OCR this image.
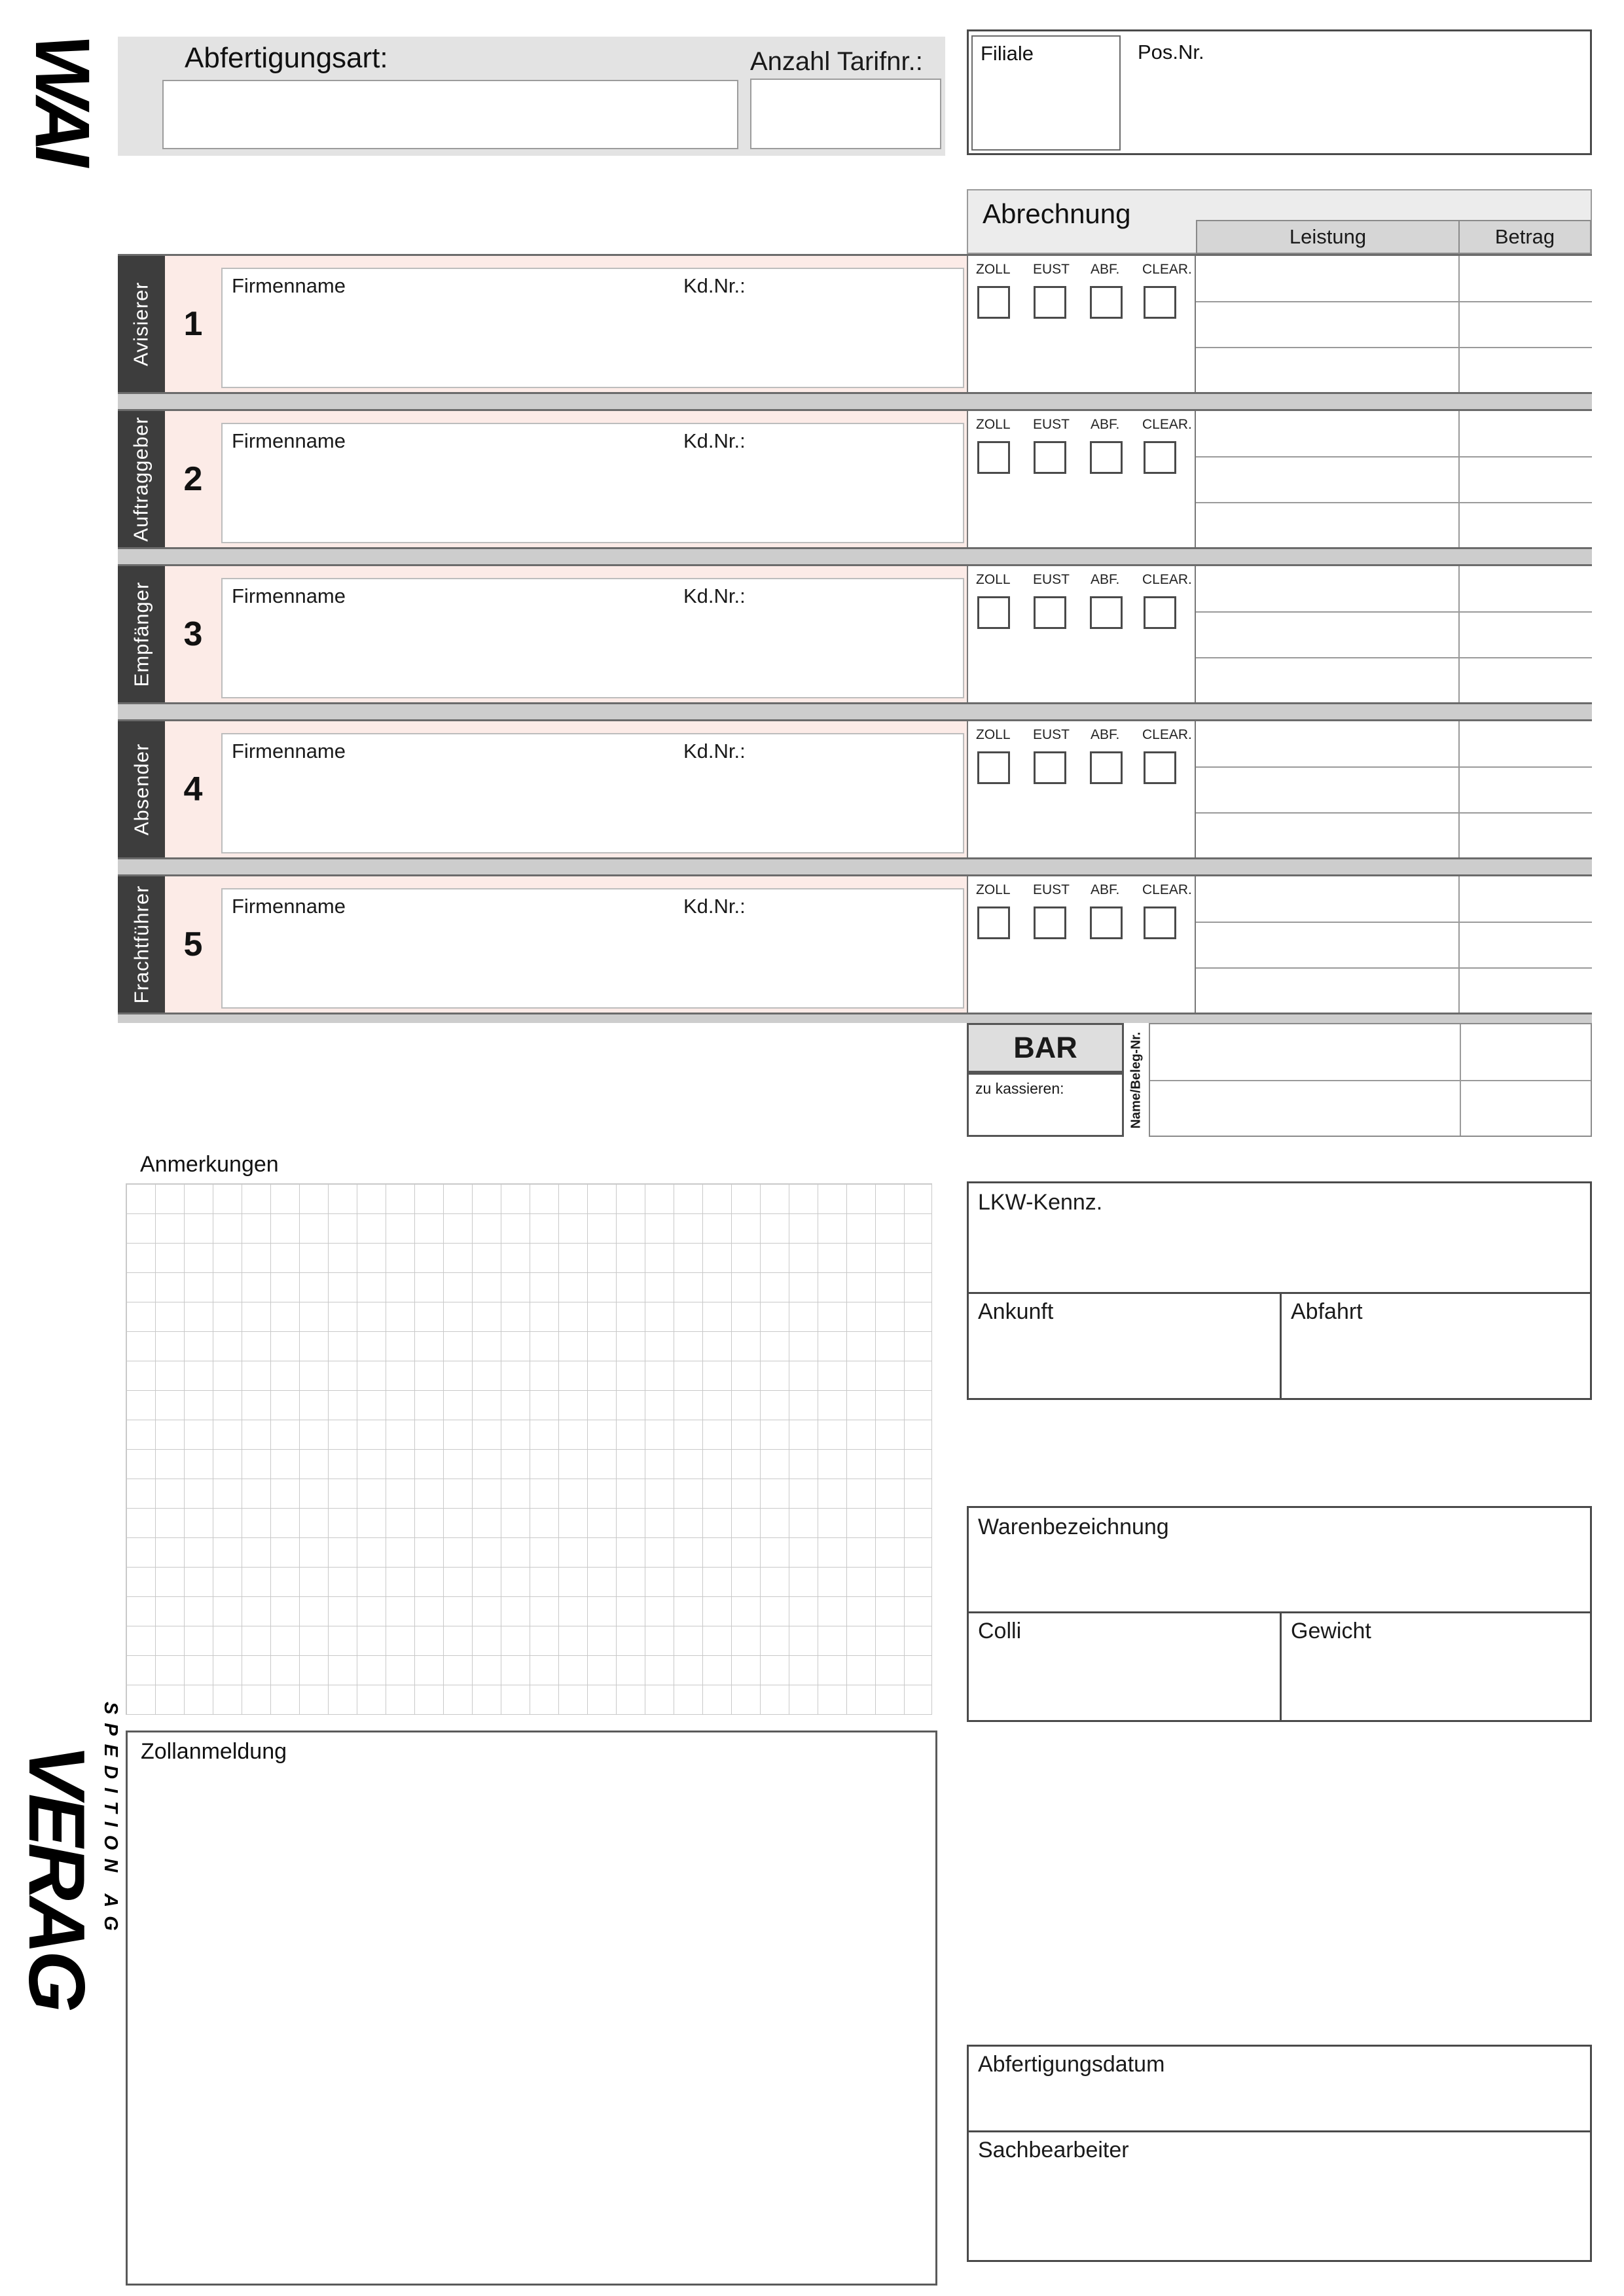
WAI
VERAG
SPEDITION AG
Abfertigungsart:	Anzahl Tarifnr.:	Filiale	Pos.Nr.
Abrechnung
Leistung	Betrag
Avisierer 1
Firmenname	Kd.Nr.:
ZOLL EUST ABF. CLEAR.
Auftraggeber 2
Firmenname	Kd.Nr.:
ZOLL EUST ABF. CLEAR.
Empfänger 3
Firmenname	Kd.Nr.:
ZOLL EUST ABF. CLEAR.
Absender 4
Firmenname	Kd.Nr.:
ZOLL EUST ABF. CLEAR.
Frachtführer 5
Firmenname	Kd.Nr.:
ZOLL EUST ABF. CLEAR.
BAR
zu kassieren:	Name/Beleg-Nr.
Anmerkungen
LKW-Kennz.
Ankunft	Abfahrt
Warenbezeichnung
Colli	Gewicht
Zollanmeldung
Abfertigungsdatum
Sachbearbeiter
